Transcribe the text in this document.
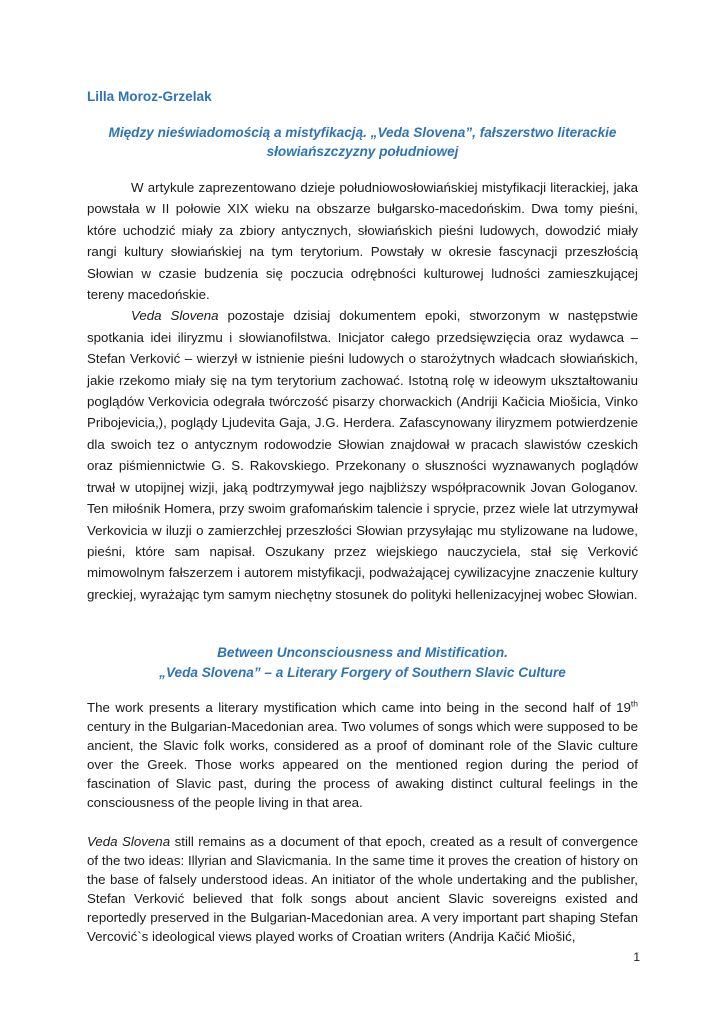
Lilla Moroz-Grzelak
Między nieświadomością a mistyfikacją. „Veda Slovena”, fałszerstwo literackie
słowiańszczyzny południowej

W artykule zaprezentowano dzieje południowosłowiańskiej mistyfikacji literackiej, jaka powstała w II połowie XIX wieku na obszarze bułgarsko-macedońskim. Dwa tomy pieśni, które uchodzić miały za zbiory antycznych, słowiańskich pieśni ludowych, dowodzić miały rangi kultury słowiańskiej na tym terytorium. Powstały w okresie fascynacji przeszłością Słowian w czasie budzenia się poczucia odrębności kulturowej ludności zamieszkującej tereny macedońskie.

Veda Slovena pozostaje dzisiaj dokumentem epoki, stworzonym w następstwie spotkania idei iliryzmu i słowianofilstwa. Inicjator całego przedsięwzięcia oraz wydawca – Stefan Verković – wierzył w istnienie pieśni ludowych o starożytnych władcach słowiańskich, jakie rzekomo miały się na tym terytorium zachować. Istotną rolę w ideowym ukształtowaniu poglądów Verkovicia odegrała twórczość pisarzy chorwackich (Andriji Kačicia Miošicia, Vinko Pribojevicia,), poglądy Ljudevita Gaja, J.G. Herdera. Zafascynowany iliryzmem potwierdzenie dla swoich tez o antycznym rodowodzie Słowian znajdował w pracach slawistów czeskich oraz piśmiennictwie G. S. Rakovskiego. Przekonany o słuszności wyznawanych poglądów trwał w utopijnej wizji, jaką podtrzymywał jego najbliższy współpracownik Jovan Gologanov. Ten miłośnik Homera, przy swoim grafomańskim talencie i sprycie, przez wiele lat utrzymywał Verkovicia w iluzji o zamierzchłej przeszłości Słowian przysyłając mu stylizowane na ludowe, pieśni, które sam napisał. Oszukany przez wiejskiego nauczyciela, stał się Verković mimowolnym fałszerzem i autorem mistyfikacji, podważającej cywilizacyjne znaczenie kultury greckiej, wyrażając tym samym niechętny stosunek do polityki hellenizacyjnej wobec Słowian.

Between Unconsciousness and Mistification.
„Veda Slovena” – a Literary Forgery of Southern Slavic Culture

The work presents a literary mystification which came into being in the second half of 19th century in the Bulgarian-Macedonian area. Two volumes of songs which were supposed to be ancient, the Slavic folk works, considered as a proof of dominant role of the Slavic culture over the Greek. Those works appeared on the mentioned region during the period of fascination of Slavic past, during the process of awaking distinct cultural feelings in the consciousness of the people living in that area.

Veda Slovena still remains as a document of that epoch, created as a result of convergence of the two ideas: Illyrian and Slavicmania. In the same time it proves the creation of history on the base of falsely understood ideas. An initiator of the whole undertaking and the publisher, Stefan Verković believed that folk songs about ancient Slavic sovereigns existed and reportedly preserved in the Bulgarian-Macedonian area. A very important part shaping Stefan Vercović`s ideological views played works of Croatian writers (Andrija Kačić Miošić,

1
